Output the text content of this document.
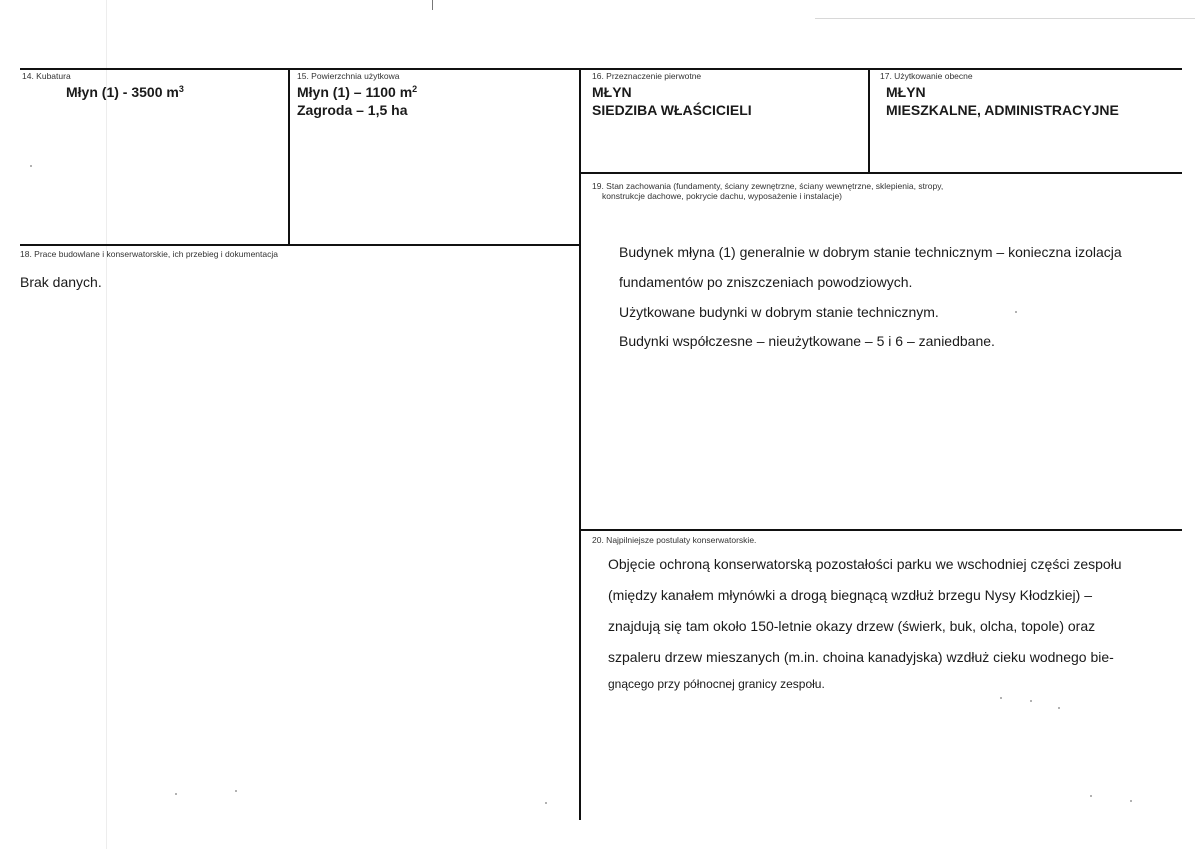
14. Kubatura
Młyn (1) - 3500 $m^3$
15. Powierzchnia użytkowa
Młyn (1) – 1100 $m^2$
Zagroda – 1,5 ha
16. Przeznaczenie pierwotne
MŁYN
SIEDZIBA WŁAŚCICIELI
17. Użytkowanie obecne
MŁYN
MIESZKALNE, ADMINISTRACYJNE
19. Stan zachowania (fundamenty, ściany zewnętrzne, ściany wewnętrzne, sklepienia, stropy,
konstrukcje dachowe, pokrycie dachu, wyposażenie i instalacje)
Budynek młyna (1) generalnie w dobrym stanie technicznym – konieczna izolacja
fundamentów po zniszczeniach powodziowych.
Użytkowane budynki w dobrym stanie technicznym.
Budynki współczesne – nieużytkowane – 5 i 6 – zaniedbane.
18. Prace budowlane i konserwatorskie, ich przebieg i dokumentacja
Brak danych.
20. Najpilniejsze postulaty konserwatorskie.
Objęcie ochroną konserwatorską pozostałości parku we wschodniej części zespołu
(między kanałem młynówki a drogą biegnącą wzdłuż brzegu Nysy Kłodzkiej) –
znajdują się tam około 150-letnie okazy drzew (świerk, buk, olcha, topole) oraz
szpaleru drzew mieszanych (m.in. choina kanadyjska) wzdłuż cieku wodnego bie-
gnącego przy północnej granicy zespołu.
